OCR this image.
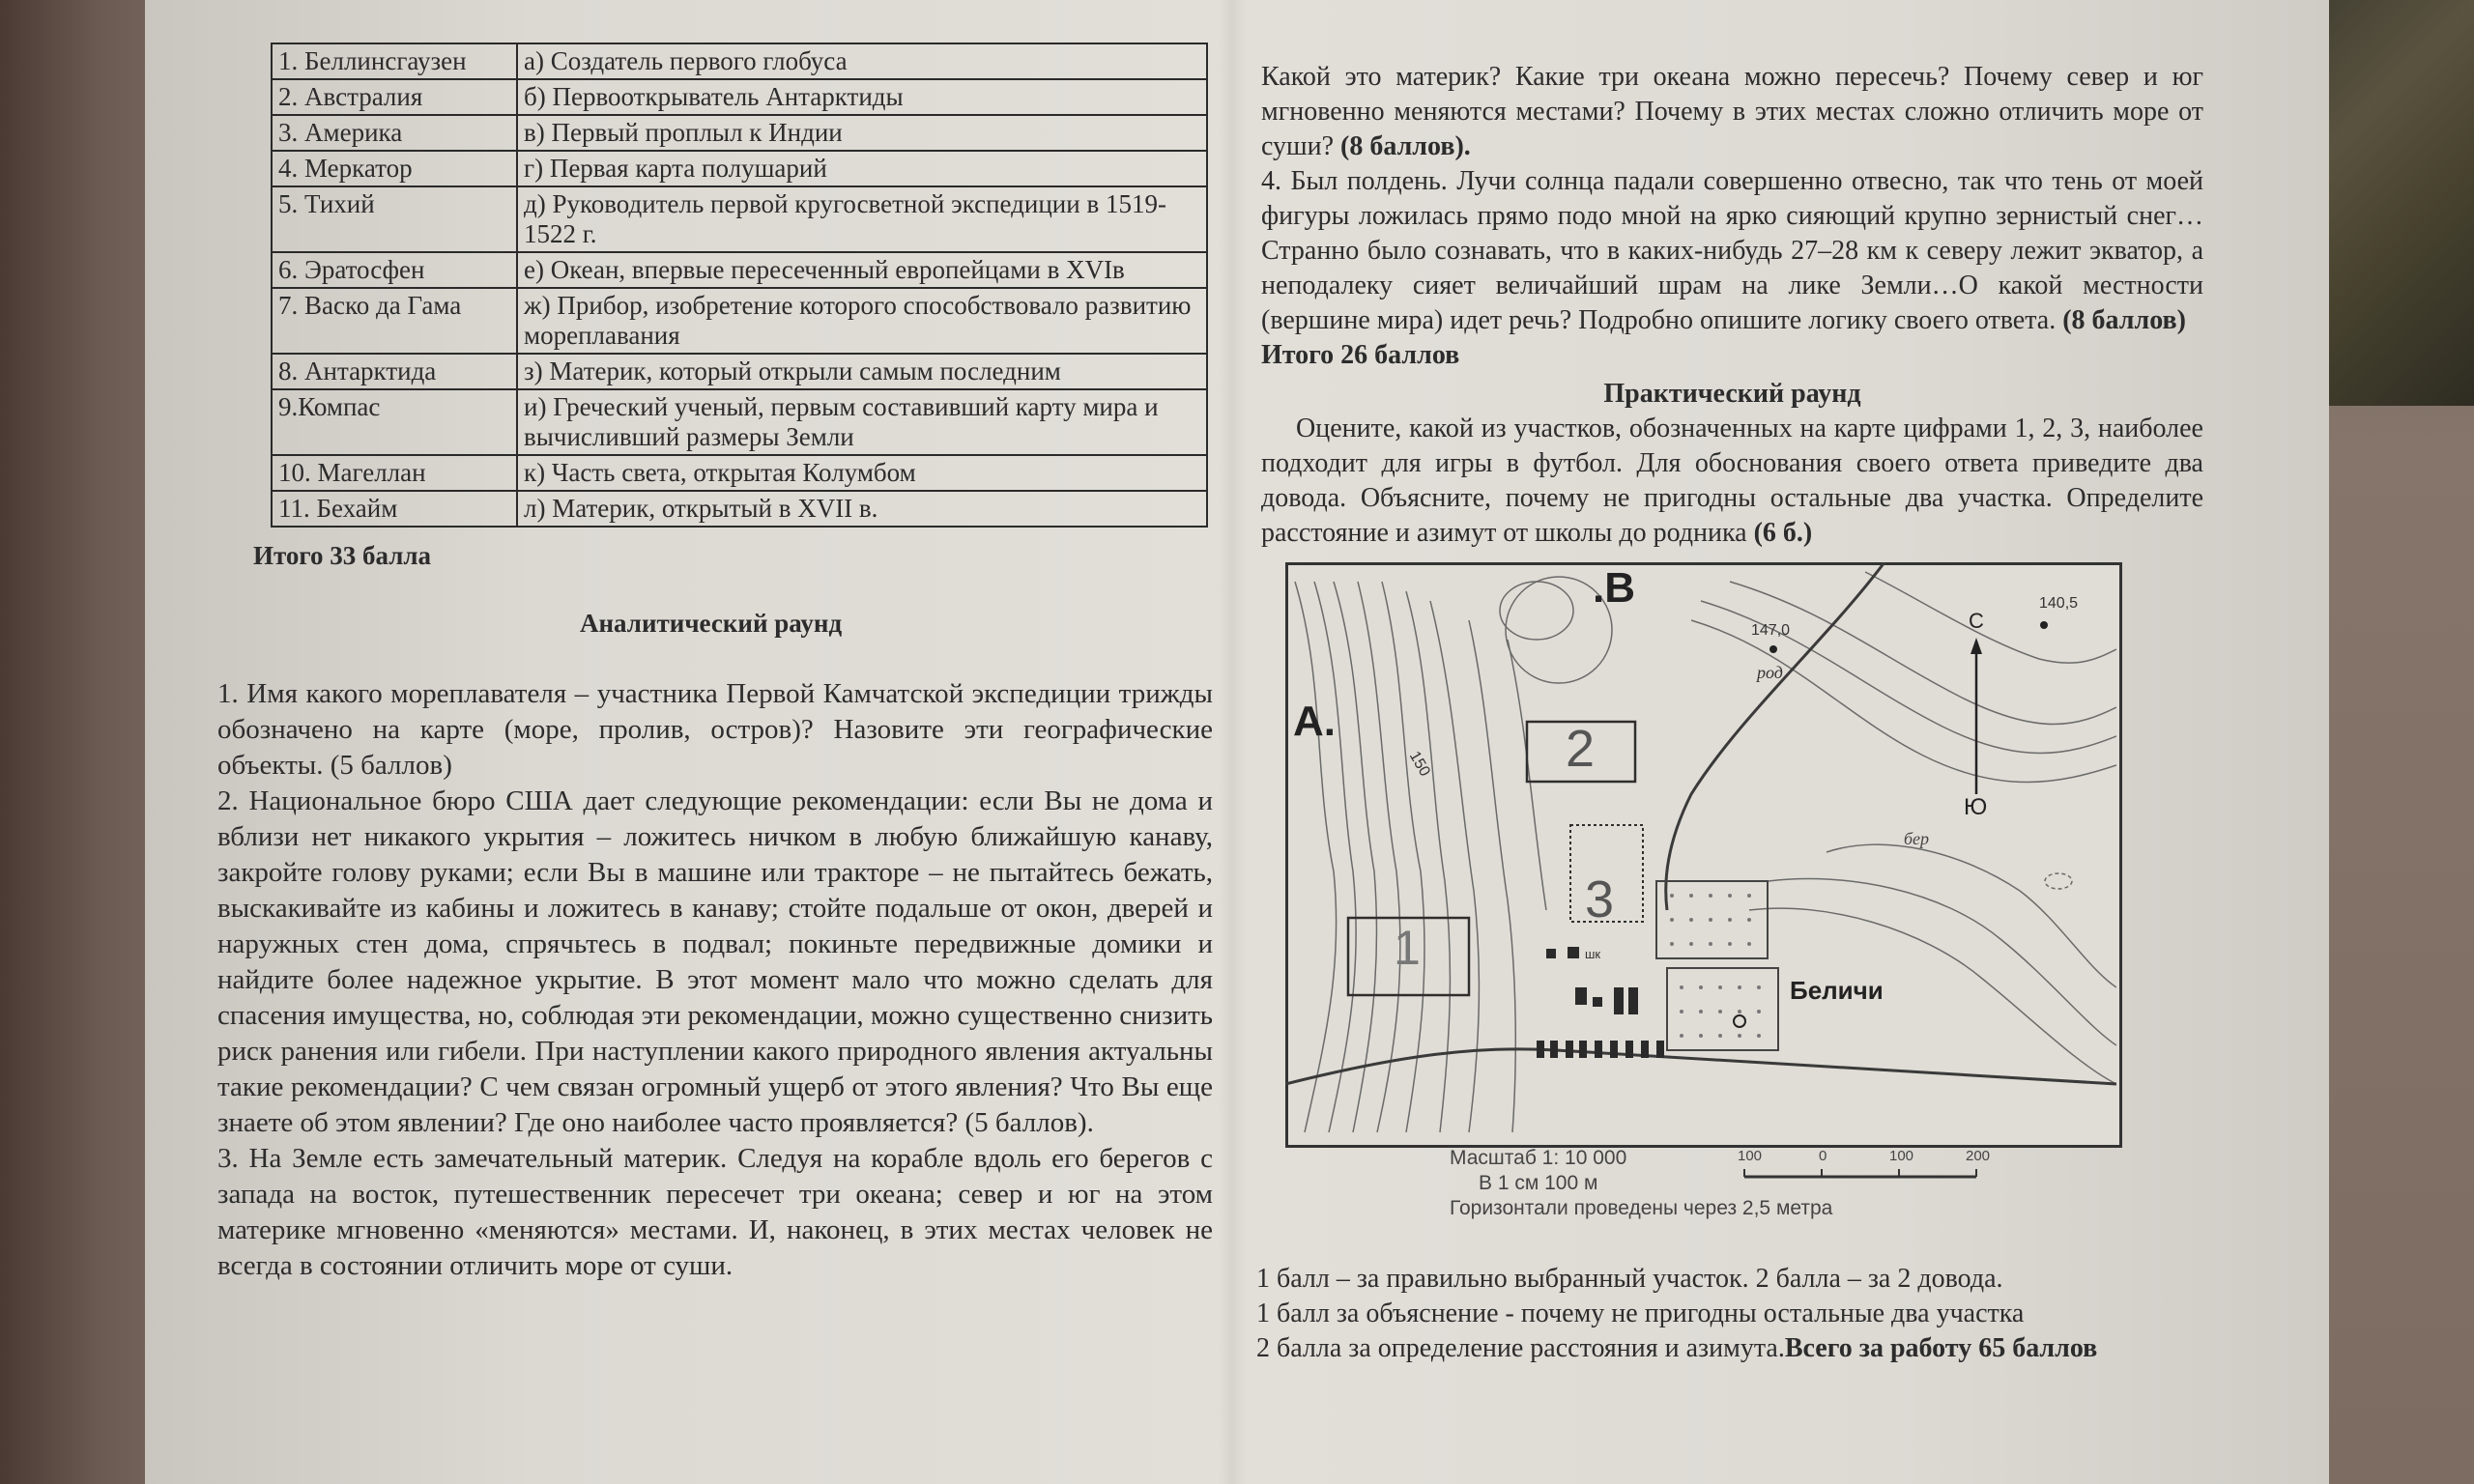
1. Беллинсгаузен	а) Создатель первого глобуса
2. Австралия	б) Первооткрыватель Антарктиды
3. Америка	в) Первый проплыл к Индии
4. Меркатор	г) Первая карта полушарий
5. Тихий	д) Руководитель первой кругосветной экспедиции в 1519-1522 г.
6. Эратосфен	е) Океан, впервые пересеченный европейцами в XVIв
7. Васко да Гама	ж) Прибор, изобретение которого способствовало развитию мореплавания
8. Антарктида	з) Материк, который открыли самым последним
9.Компас	и) Греческий ученый, первым составивший карту мира и вычисливший размеры Земли
10. Магеллан	к) Часть света, открытая Колумбом
11. Бехайм	л) Материк, открытый в XVII в.
Итого 33 балла
Аналитический раунд

1. Имя какого мореплавателя – участника Первой Камчатской экспедиции трижды обозначено на карте (море, пролив, остров)? Назовите эти географические объекты. (5 баллов)

2. Национальное бюро США дает следующие рекомендации: если Вы не дома и вблизи нет никакого укрытия – ложитесь ничком в любую ближайшую канаву, закройте голову руками; если Вы в машине или тракторе – не пытайтесь бежать, выскакивайте из кабины и ложитесь в канаву; стойте подальше от окон, дверей и наружных стен дома, спрячьтесь в подвал; покиньте передвижные домики и найдите более надежное укрытие. В этот момент мало что можно сделать для спасения имущества, но, соблюдая эти рекомендации, можно существенно снизить риск ранения или гибели. При наступлении какого природного явления актуальны такие рекомендации? С чем связан огромный ущерб от этого явления? Что Вы еще знаете об этом явлении? Где оно наиболее часто проявляется? (5 баллов).

3. На Земле есть замечательный материк. Следуя на корабле вдоль его берегов с запада на восток, путешественник пересечет три океана; север и юг на этом материке мгновенно «меняются» местами. И, наконец, в этих местах человек не всегда в состоянии отличить море от суши.

Какой это материк? Какие три океана можно пересечь? Почему север и юг мгновенно меняются местами? Почему в этих местах сложно отличить море от суши? (8 баллов).

4. Был полдень. Лучи солнца падали совершенно отвесно, так что тень от моей фигуры ложилась прямо подо мной на ярко сияющий крупно зернистый снег… Странно было сознавать, что в каких-нибудь 27–28 км к северу лежит экватор, а неподалеку сияет величайший шрам на лике Земли…О какой местности (вершине мира) идет речь? Подробно опишите логику своего ответа. (8 баллов)

Итого 26 баллов

Практический раунд

Оцените, какой из участков, обозначенных на карте цифрами 1, 2, 3, наиболее подходит для игры в футбол. Для обоснования своего ответа приведите два довода. Объясните, почему не пригодны остальные два участка. Определите расстояние и азимут от школы до родника (6 б.)

А.
.В
1
2
3
Беличи
С
Ю
147,0
140,5
150
род
бер
шк
Масштаб 1: 10 000
В 1 см 100 м
Горизонтали проведены через 2,5 метра
100	0	100	200

1 балл – за правильно выбранный участок. 2 балла – за 2 довода.

1 балл за объяснение - почему не пригодны остальные два участка

2 балла за определение расстояния и азимута.Всего за работу 65 баллов
